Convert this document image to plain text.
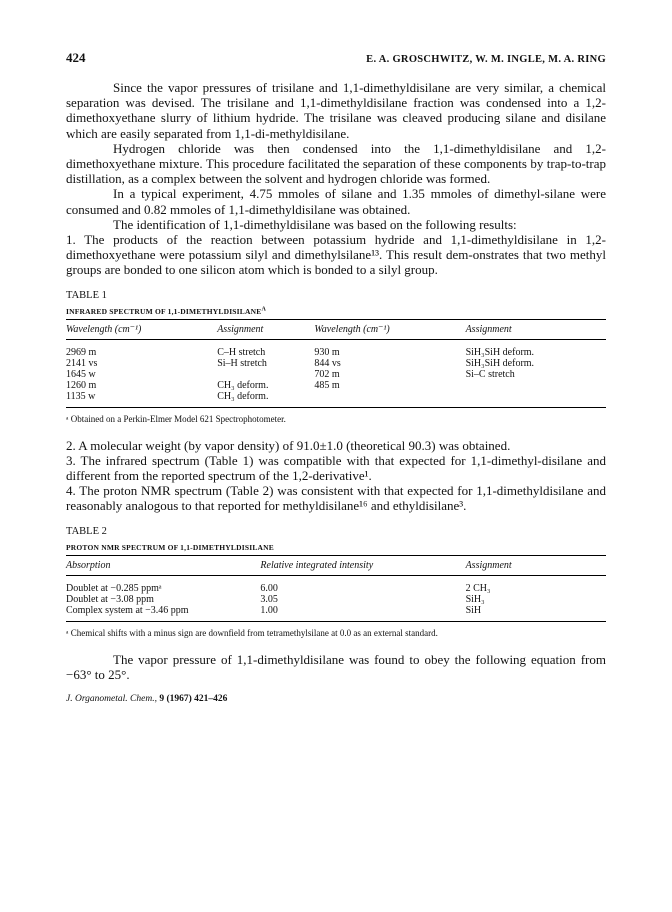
424	E. A. GROSCHWITZ, W. M. INGLE, M. A. RING

Since the vapor pressures of trisilane and 1,1-dimethyldisilane are very similar, a chemical separation was devised. The trisilane and 1,1-dimethyldisilane fraction was condensed into a 1,2-dimethoxyethane slurry of lithium hydride. The trisilane was cleaved producing silane and disilane which are easily separated from 1,1-di-methyldisilane.

Hydrogen chloride was then condensed into the 1,1-dimethyldisilane and 1,2-dimethoxyethane mixture. This procedure facilitated the separation of these components by trap-to-trap distillation, as a complex between the solvent and hydrogen chloride was formed.

In a typical experiment, 4.75 mmoles of silane and 1.35 mmoles of dimethyl-silane were consumed and 0.82 mmoles of 1,1-dimethyldisilane was obtained.

The identification of 1,1-dimethyldisilane was based on the following results:

1. The products of the reaction between potassium hydride and 1,1-dimethyldisilane in 1,2-dimethoxyethane were potassium silyl and dimethylsilane¹³. This result dem-onstrates that two methyl groups are bonded to one silicon atom which is bonded to a silyl group.

TABLE 1
INFRARED SPECTRUM OF $1,1-DIMETHYLDISILANE^A$
Wavelength (cm⁻¹)	Assignment	Wavelength (cm⁻¹)	Assignment
2969 m	C–H stretch	930 m	SiH₃SiH deform.
2141 vs	Si–H stretch	844 vs	SiH₃SiH deform.
1645 w		702 m	Si–C stretch
1260 m	CH₃ deform.	485 m	
1135 w	CH₃ deform.		
ᵃ Obtained on a Perkin-Elmer Model 621 Spectrophotometer.

2. A molecular weight (by vapor density) of 91.0±1.0 (theoretical 90.3) was obtained.

3. The infrared spectrum (Table 1) was compatible with that expected for 1,1-dimethyl-disilane and different from the reported spectrum of the 1,2-derivative¹.

4. The proton NMR spectrum (Table 2) was consistent with that expected for 1,1-dimethyldisilane and reasonably analogous to that reported for methyldisilane¹⁶ and ethyldisilane³.

TABLE 2
PROTON NMR SPECTRUM OF 1,1-DIMETHYLDISILANE
Absorption	Relative integrated intensity	Assignment
Doublet at −0.285 ppmᵃ	6.00	2 CH₃
Doublet at −3.08 ppm	3.05	SiH₃
Complex system at −3.46 ppm	1.00	SiH
ᵃ Chemical shifts with a minus sign are downfield from tetramethylsilane at 0.0 as an external standard.

The vapor pressure of 1,1-dimethyldisilane was found to obey the following equation from −63° to 25°.

J. Organometal. Chem., 9 (1967) 421–426
